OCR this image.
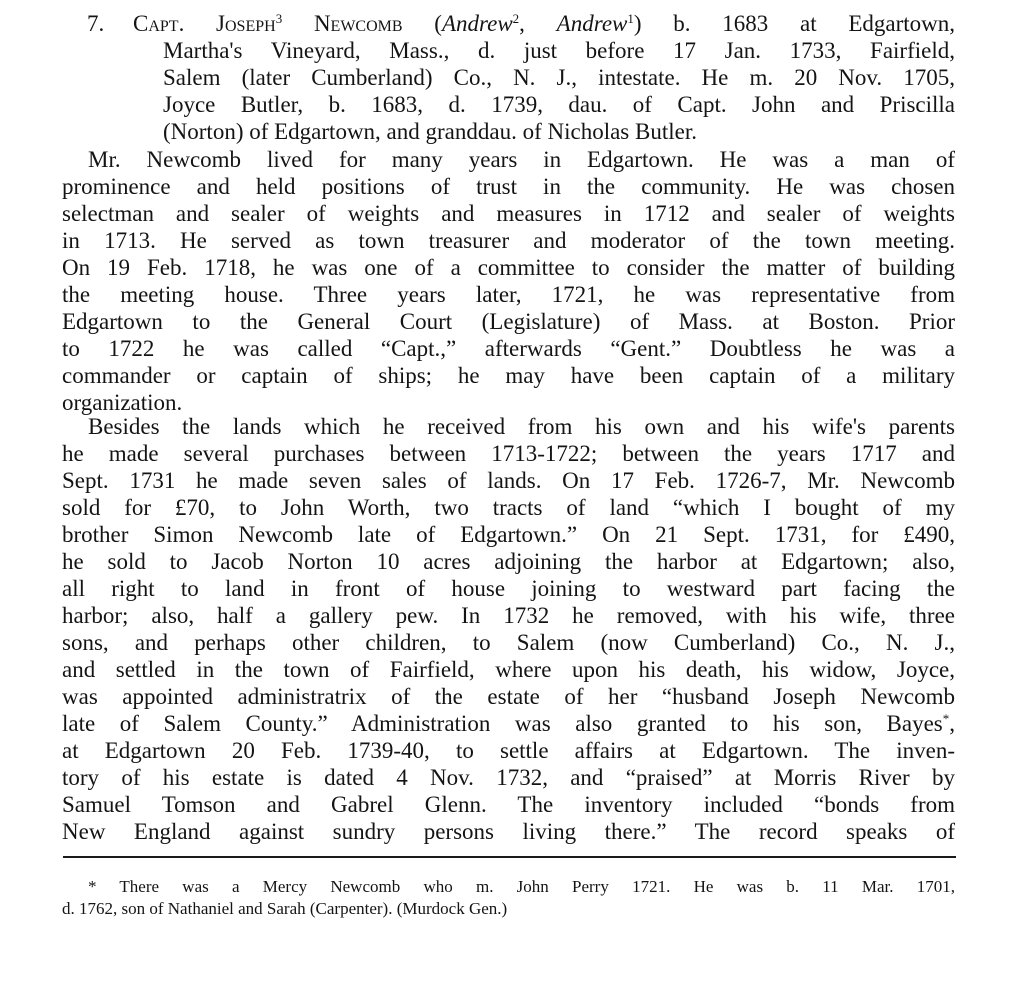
7. Capt. Joseph$^3$ Newcomb (Andrew$^2$, Andrew$^1$) b. 1683 at Edgartown,
Martha's Vineyard, Mass., d. just before 17 Jan. 1733, Fairfield,
Salem (later Cumberland) Co., N. J., intestate. He m. 20 Nov. 1705,
Joyce Butler, b. 1683, d. 1739, dau. of Capt. John and Priscilla
(Norton) of Edgartown, and granddau. of Nicholas Butler.
Mr. Newcomb lived for many years in Edgartown. He was a man of
prominence and held positions of trust in the community. He was chosen
selectman and sealer of weights and measures in 1712 and sealer of weights
in 1713. He served as town treasurer and moderator of the town meeting.
On 19 Feb. 1718, he was one of a committee to consider the matter of building
the meeting house. Three years later, 1721, he was representative from
Edgartown to the General Court (Legislature) of Mass. at Boston. Prior
to 1722 he was called “Capt.,” afterwards “Gent.” Doubtless he was a
commander or captain of ships; he may have been captain of a military
organization.
Besides the lands which he received from his own and his wife's parents
he made several purchases between 1713-1722; between the years 1717 and
Sept. 1731 he made seven sales of lands. On 17 Feb. 1726-7, Mr. Newcomb
sold for £70, to John Worth, two tracts of land “which I bought of my
brother Simon Newcomb late of Edgartown.” On 21 Sept. 1731, for £490,
he sold to Jacob Norton 10 acres adjoining the harbor at Edgartown; also,
all right to land in front of house joining to westward part facing the
harbor; also, half a gallery pew. In 1732 he removed, with his wife, three
sons, and perhaps other children, to Salem (now Cumberland) Co., N. J.,
and settled in the town of Fairfield, where upon his death, his widow, Joyce,
was appointed administratrix of the estate of her “husband Joseph Newcomb
late of Salem County.” Administration was also granted to his son, Bayes*,
at Edgartown 20 Feb. 1739-40, to settle affairs at Edgartown. The inven-
tory of his estate is dated 4 Nov. 1732, and “praised” at Morris River by
Samuel Tomson and Gabrel Glenn. The inventory included “bonds from
New England against sundry persons living there.” The record speaks of
* There was a Mercy Newcomb who m. John Perry 1721. He was b. 11 Mar. 1701,
d. 1762, son of Nathaniel and Sarah (Carpenter). (Murdock Gen.)
